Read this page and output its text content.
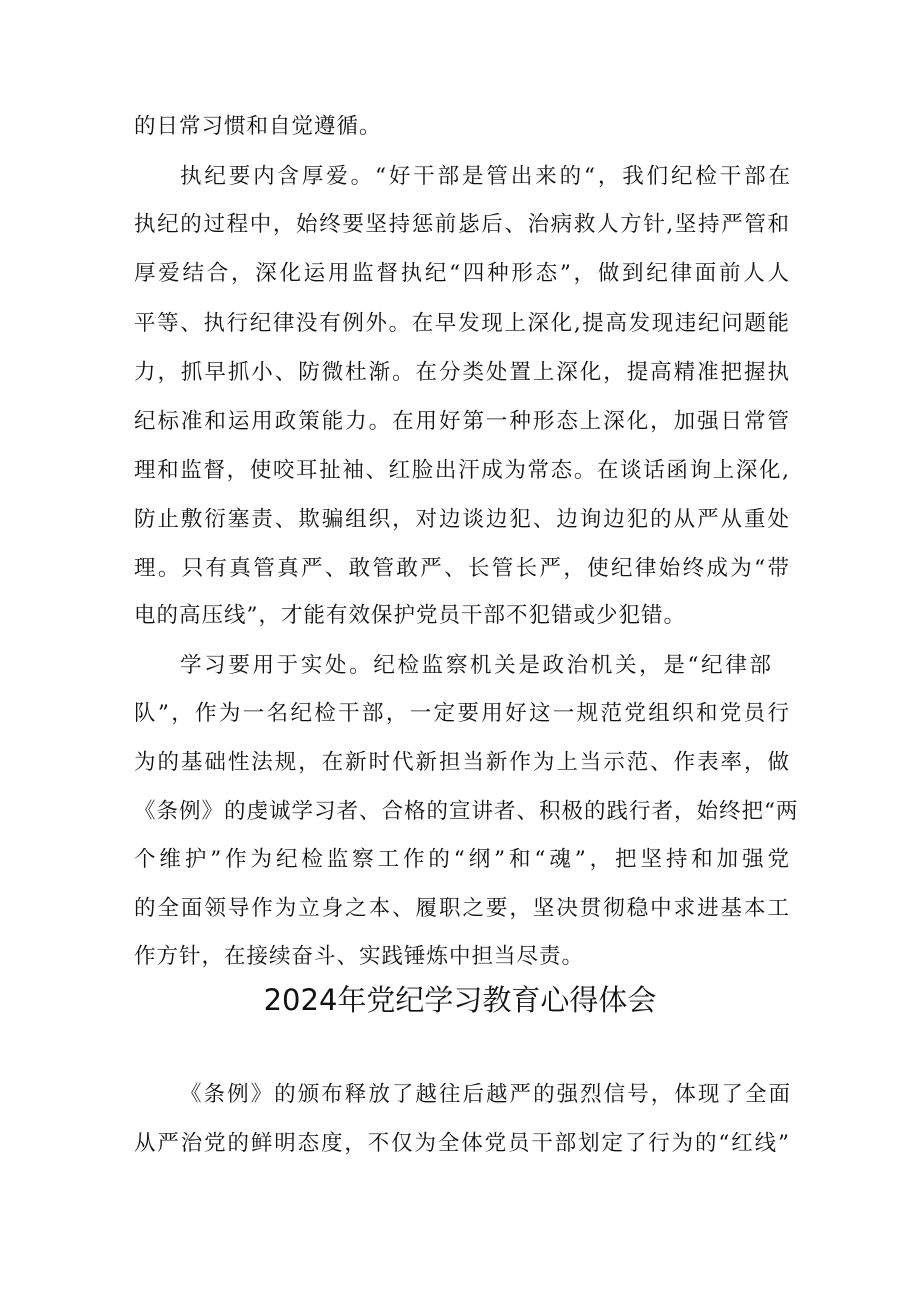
的日常习惯和自觉遵循。
执纪要内含厚爱。“好干部是管出来的“，我们纪检干部在
执纪的过程中，始终要坚持惩前毖后、治病救人方针,坚持严管和
厚爱结合，深化运用监督执纪“四种形态”，做到纪律面前人人
平等、执行纪律没有例外。在早发现上深化,提高发现违纪问题能
力，抓早抓小、防微杜渐。在分类处置上深化，提高精准把握执
纪标准和运用政策能力。在用好第一种形态上深化，加强日常管
理和监督，使咬耳扯袖、红脸出汗成为常态。在谈话函询上深化,
防止敷衍塞责、欺骗组织，对边谈边犯、边询边犯的从严从重处
理。只有真管真严、敢管敢严、长管长严，使纪律始终成为“带
电的高压线”，才能有效保护党员干部不犯错或少犯错。
学习要用于实处。纪检监察机关是政治机关，是“纪律部
队”，作为一名纪检干部，一定要用好这一规范党组织和党员行
为的基础性法规，在新时代新担当新作为上当示范、作表率，做
《条例》的虔诚学习者、合格的宣讲者、积极的践行者，始终把“两
个维护”作为纪检监察工作的“纲”和“魂”，把坚持和加强党
的全面领导作为立身之本、履职之要，坚决贯彻稳中求进基本工
作方针，在接续奋斗、实践锤炼中担当尽责。
2024年党纪学习教育心得体会
《条例》的颁布释放了越往后越严的强烈信号，体现了全面
从严治党的鲜明态度，不仅为全体党员干部划定了行为的“红线”
